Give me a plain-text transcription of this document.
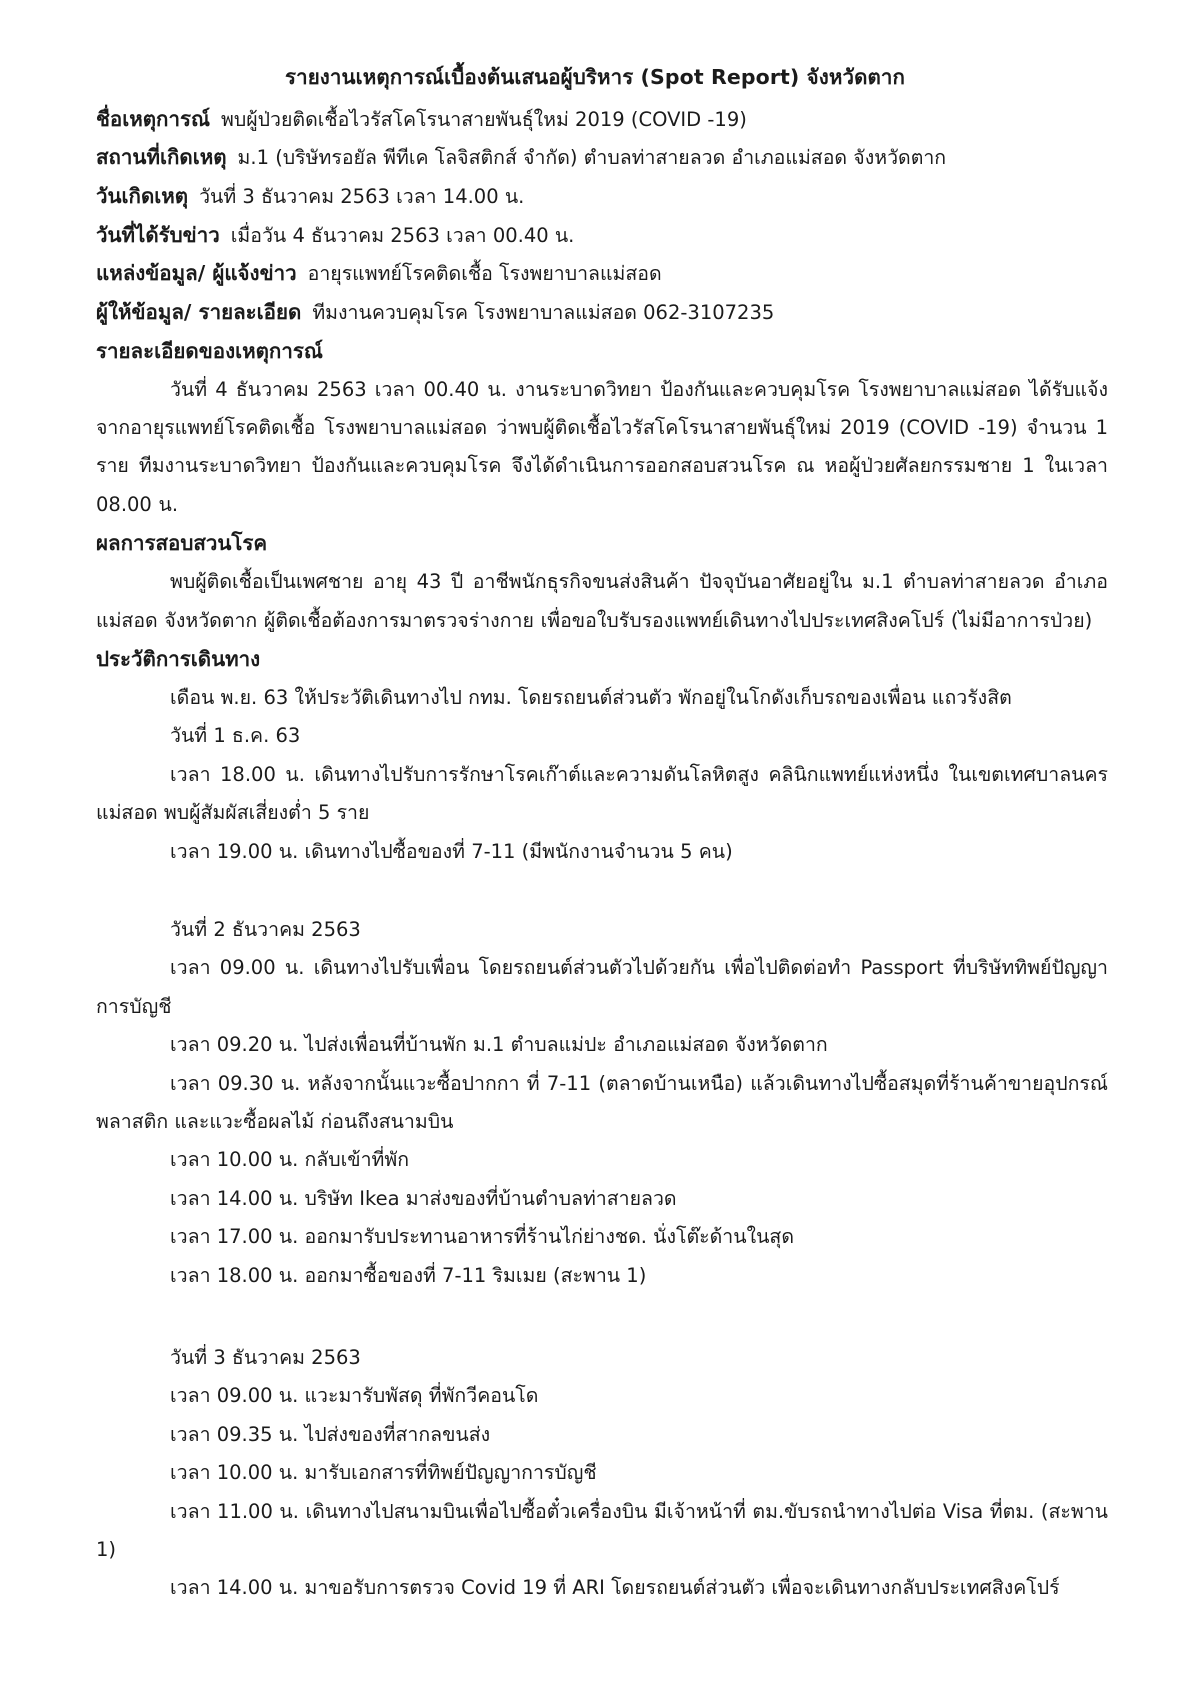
รายงานเหตุการณ์เบื้องต้นเสนอผู้บริหาร (Spot Report) จังหวัดตาก
ชื่อเหตุการณ์ พบผู้ป่วยติดเชื้อไวรัสโคโรนาสายพันธุ์ใหม่ 2019 (COVID -19)
สถานที่เกิดเหตุ ม.1 (บริษัทรอยัล พีทีเค โลจิสติกส์ จำกัด) ตำบลท่าสายลวด อำเภอแม่สอด จังหวัดตาก
วันเกิดเหตุ วันที่ 3 ธันวาคม 2563 เวลา 14.00 น.
วันที่ได้รับข่าว เมื่อวัน 4 ธันวาคม 2563 เวลา 00.40 น.
แหล่งข้อมูล/ ผู้แจ้งข่าว อายุรแพทย์โรคติดเชื้อ โรงพยาบาลแม่สอด
ผู้ให้ข้อมูล/ รายละเอียด ทีมงานควบคุมโรค โรงพยาบาลแม่สอด 062-3107235
รายละเอียดของเหตุการณ์
วันที่ 4 ธันวาคม 2563 เวลา 00.40 น. งานระบาดวิทยา ป้องกันและควบคุมโรค โรงพยาบาลแม่สอด ได้รับแจ้งจากอายุรแพทย์โรคติดเชื้อ โรงพยาบาลแม่สอด ว่าพบผู้ติดเชื้อไวรัสโคโรนาสายพันธุ์ใหม่ 2019 (COVID -19) จำนวน 1 ราย ทีมงานระบาดวิทยา ป้องกันและควบคุมโรค จึงได้ดำเนินการออกสอบสวนโรค ณ หอผู้ป่วยศัลยกรรมชาย 1 ในเวลา 08.00 น.
ผลการสอบสวนโรค
พบผู้ติดเชื้อเป็นเพศชาย อายุ 43 ปี อาชีพนักธุรกิจขนส่งสินค้า ปัจจุบันอาศัยอยู่ใน ม.1 ตำบลท่าสายลวด อำเภอแม่สอด จังหวัดตาก ผู้ติดเชื้อต้องการมาตรวจร่างกาย เพื่อขอใบรับรองแพทย์เดินทางไปประเทศสิงคโปร์ (ไม่มีอาการป่วย)
ประวัติการเดินทาง
เดือน พ.ย. 63 ให้ประวัติเดินทางไป กทม. โดยรถยนต์ส่วนตัว พักอยู่ในโกดังเก็บรถของเพื่อน แถวรังสิต
วันที่ 1 ธ.ค. 63
เวลา 18.00 น. เดินทางไปรับการรักษาโรคเก๊าต์และความดันโลหิตสูง คลินิกแพทย์แห่งหนึ่ง ในเขตเทศบาลนครแม่สอด พบผู้สัมผัสเสี่ยงต่ำ 5 ราย
เวลา 19.00 น. เดินทางไปซื้อของที่ 7-11 (มีพนักงานจำนวน 5 คน)
วันที่ 2 ธันวาคม 2563
เวลา 09.00 น. เดินทางไปรับเพื่อน โดยรถยนต์ส่วนตัวไปด้วยกัน เพื่อไปติดต่อทำ Passport ที่บริษัททิพย์ปัญญาการบัญชี
เวลา 09.20 น. ไปส่งเพื่อนที่บ้านพัก ม.1 ตำบลแม่ปะ อำเภอแม่สอด จังหวัดตาก
เวลา 09.30 น. หลังจากนั้นแวะซื้อปากกา ที่ 7-11 (ตลาดบ้านเหนือ) แล้วเดินทางไปซื้อสมุดที่ร้านค้าขายอุปกรณ์พลาสติก และแวะซื้อผลไม้ ก่อนถึงสนามบิน
เวลา 10.00 น. กลับเข้าที่พัก
เวลา 14.00 น. บริษัท Ikea มาส่งของที่บ้านตำบลท่าสายลวด
เวลา 17.00 น. ออกมารับประทานอาหารที่ร้านไก่ย่างชด. นั่งโต๊ะด้านในสุด
เวลา 18.00 น. ออกมาซื้อของที่ 7-11 ริมเมย (สะพาน 1)
วันที่ 3 ธันวาคม 2563
เวลา 09.00 น. แวะมารับพัสดุ ที่พักวีคอนโด
เวลา 09.35 น. ไปส่งของที่สากลขนส่ง
เวลา 10.00 น. มารับเอกสารที่ทิพย์ปัญญาการบัญชี
เวลา 11.00 น. เดินทางไปสนามบินเพื่อไปซื้อตั๋วเครื่องบิน มีเจ้าหน้าที่ ตม.ขับรถนำทางไปต่อ Visa ที่ตม. (สะพาน 1)
เวลา 14.00 น. มาขอรับการตรวจ Covid 19 ที่ ARI โดยรถยนต์ส่วนตัว เพื่อจะเดินทางกลับประเทศสิงคโปร์
